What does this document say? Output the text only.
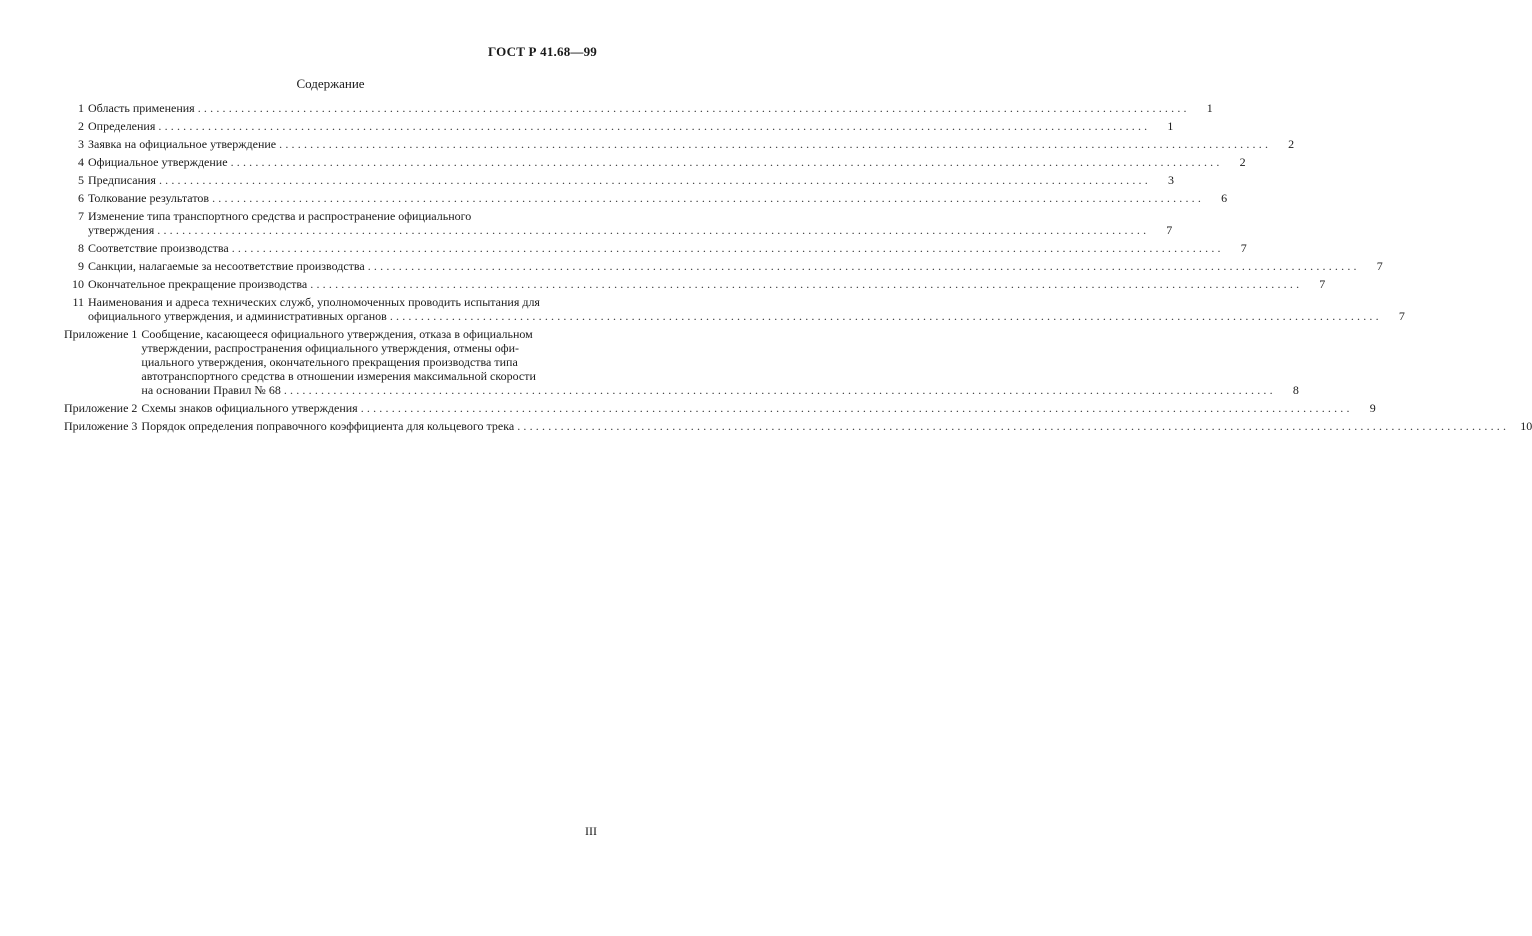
ГОСТ Р 41.68—99
Содержание
1 Область применения ................................................................................................................................................................	1
2 Определения ................................................................................................................................................................	1
3 Заявка на официальное утверждение ................................................................................................................................................................	2
4 Официальное утверждение ................................................................................................................................................................	2
5 Предписания ................................................................................................................................................................	3
6 Толкование результатов ................................................................................................................................................................	6
7 Изменение типа транспортного средства и распространение официального
утверждения ................................................................................................................................................................	7
8 Соответствие производства ................................................................................................................................................................	7
9 Санкции, налагаемые за несоответствие производства ................................................................................................................................................................	7
10 Окончательное прекращение производства ................................................................................................................................................................	7
11 Наименования и адреса технических служб, уполномоченных проводить испытания для
официального утверждения, и административных органов ................................................................................................................................................................	7
Приложение 1 Сообщение, касающееся официального утверждения, отказа в официальном
утверждении, распространения официального утверждения, отмены офи-
циального утверждения, окончательного прекращения производства типа
автотранспортного средства в отношении измерения максимальной скорости
на основании Правил № 68 ................................................................................................................................................................	8
Приложение 2 Схемы знаков официального утверждения ................................................................................................................................................................	9
Приложение 3 Порядок определения поправочного коэффициента для кольцевого трека ................................................................................................................................................................ 10
III
